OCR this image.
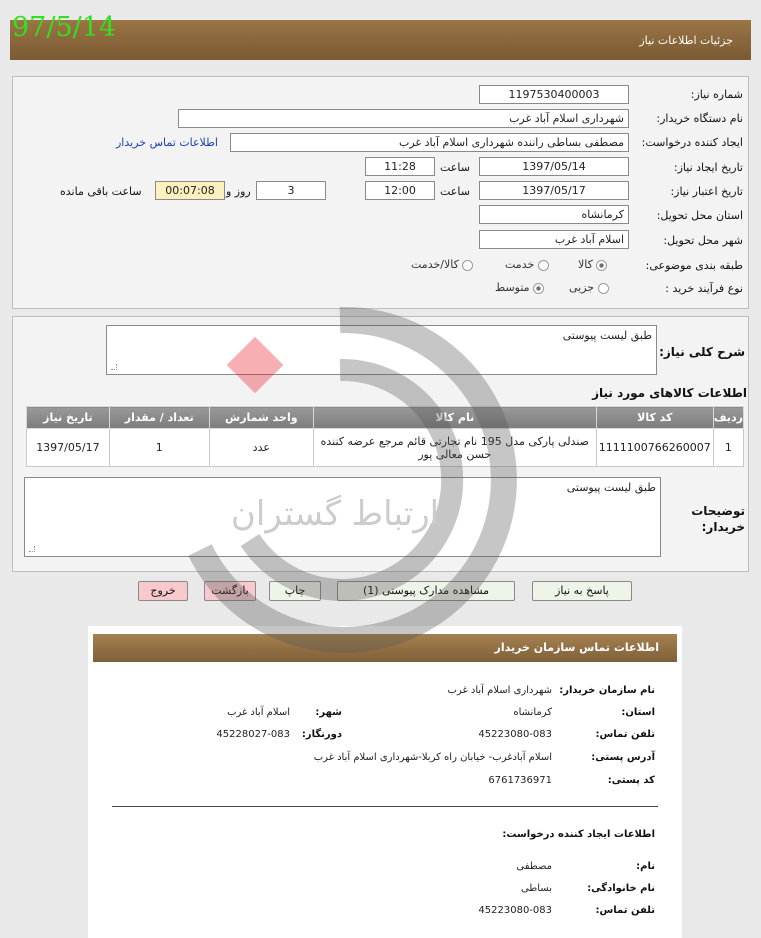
جزئیات اطلاعات نیاز
97/5/14
شماره نیاز:
1197530400003
نام دستگاه خریدار:
شهرداری اسلام آباد غرب
ایجاد کننده درخواست:
مصطفی بساطی راننده شهرداری اسلام آباد غرب
اطلاعات تماس خریدار
تاریخ ایجاد نیاز:
1397/05/14
ساعت
11:28
تاریخ اعتبار نیاز:
1397/05/17
ساعت
12:00
3
روز و
00:07:08
ساعت باقی مانده
استان محل تحویل:
کرمانشاه
شهر محل تحویل:
اسلام آباد غرب
طبقه بندی موضوعی:
کالا
خدمت
کالا/خدمت
نوع فرآیند خرید :
جزیی
متوسط
شرح کلی نیاز:
طبق لیست پیوستی
اطلاعات کالاهای مورد نیاز
ردیف	کد کالا	نام کالا	واحد شمارش	تعداد / مقدار	تاریخ نیاز
1	1111100766260007	صندلی پارکی مدل 195 نام تجارتی قائم مرجع عرضه کننده حسن معالی پور	عدد	1	1397/05/17
توضیحات خریدار:
طبق لیست پیوستی
پاسخ به نیاز
مشاهده مدارک پیوستی (1)
چاپ
بازگشت
خروج
اطلاعات تماس سازمان خریدار
نام سازمان خریدار:
شهرداری اسلام آباد غرب
استان:
کرمانشاه
شهر:
اسلام آباد غرب
تلفن تماس:
45223080-083
دورنگار:
45228027-083
آدرس پستی:
اسلام آبادغرب- خیابان راه کربلا-شهرداری اسلام آباد غرب
کد پستی:
6761736971
اطلاعات ایجاد کننده درخواست:
نام:
مصطفی
نام خانوادگی:
بساطی
تلفن تماس:
45223080-083
ارتباط گستران
